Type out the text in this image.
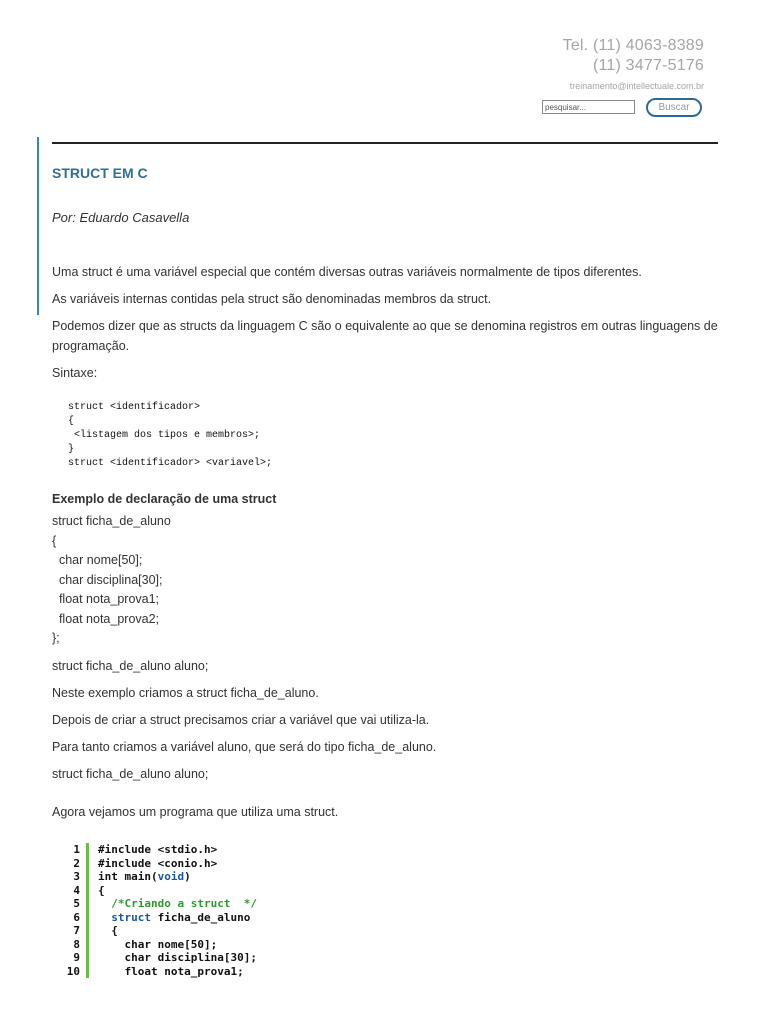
Tel. (11) 4063-8389
(11) 3477-5176
treinamento@intellectuale.com.br
pesquisar...
Buscar
STRUCT EM C
Por: Eduardo Casavella

Uma struct é uma variável especial que contém diversas outras variáveis normalmente de tipos diferentes.

As variáveis internas contidas pela struct são denominadas membros da struct.

Podemos dizer que as structs da linguagem C são o equivalente ao que se denomina registros em outras linguagens de programação.

Sintaxe:

struct <identificador>
{
<listagem dos tipos e membros>;
}
struct <identificador> <variavel>;
Exemplo de declaração de uma struct
struct ficha_de_aluno
{
char nome[50];
char disciplina[30];
float nota_prova1;
float nota_prova2;
};

struct ficha_de_aluno aluno;

Neste exemplo criamos a struct ficha_de_aluno.

Depois de criar a struct precisamos criar a variável que vai utiliza-la.

Para tanto criamos a variável aluno, que será do tipo ficha_de_aluno.

struct ficha_de_aluno aluno;

Agora vejamos um programa que utiliza uma struct.

1	#include <stdio.h>
2	#include <conio.h>
3	int main(void)
4	{
5	/*Criando a struct  */
6	struct ficha_de_aluno
7	{
8	char nome[50];
9	char disciplina[30];
10	float nota_prova1;
